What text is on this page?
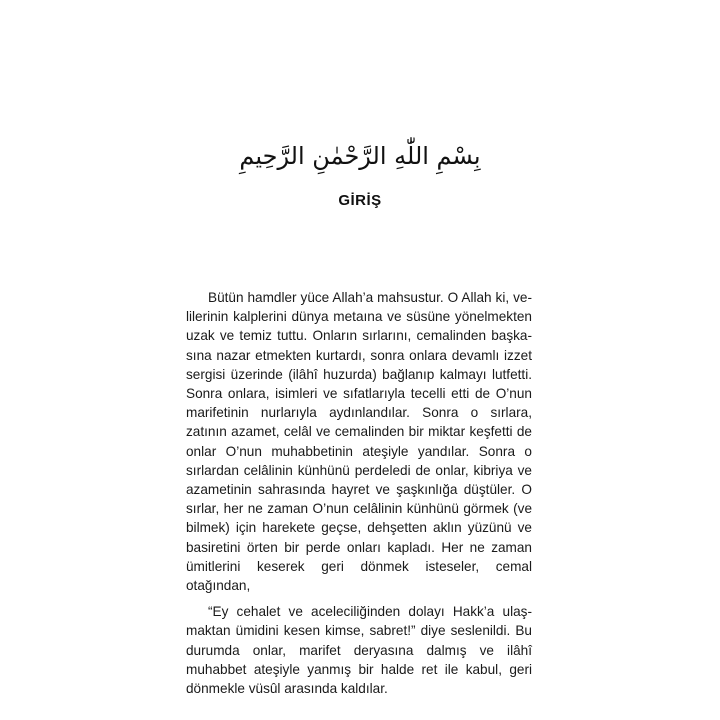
بِسْمِ اللّٰهِ الرَّحْمٰنِ الرَّحِيمِ
GİRİŞ

Bütün hamdler yüce Allah’a mahsustur. O Allah ki, velilerinin kalplerini dünya metaına ve süsüne yönelmekten uzak ve temiz tuttu. Onların sırlarını, cemalinden başkasına nazar etmekten kurtardı, sonra onlara devamlı izzet sergisi üzerinde (ilâhî huzurda) bağlanıp kalmayı lutfetti. Sonra onlara, isimleri ve sıfatlarıyla tecelli etti de O’nun marifetinin nurlarıyla aydınlandılar. Sonra o sırlara, zatının azamet, celâl ve cemalinden bir miktar keşfetti de onlar O’nun muhabbetinin ateşiyle yandılar. Sonra o sırlardan celâlinin künhünü perdeledi de onlar, kibriya ve azametinin sahrasında hayret ve şaşkınlığa düştüler. O sırlar, her ne zaman O’nun celâlinin künhünü görmek (ve bilmek) için harekete geçse, dehşetten aklın yüzünü ve basiretini örten bir perde onları kapladı. Her ne zaman ümitlerini keserek geri dönmek isteseler, cemal otağından,

“Ey cehalet ve aceleciliğinden dolayı Hakk’a ulaşmaktan ümidini kesen kimse, sabret!” diye seslenildi. Bu durumda onlar, marifet deryasına dalmış ve ilâhî muhabbet ateşiyle yanmış bir halde ret ile kabul, geri dönmekle vüsûl arasında kaldılar.
